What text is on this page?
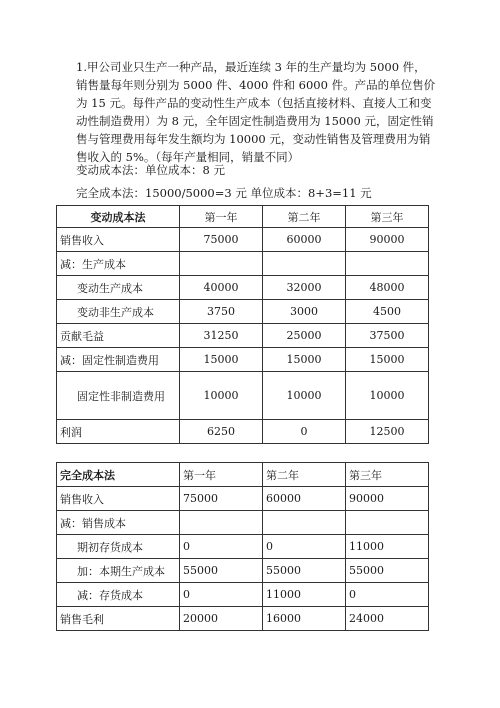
1.甲公司业只生产一种产品，最近连续 3 年的生产量均为 5000 件，销售量每年则分别为 5000 件、4000 件和 6000 件。产品的单位售价为 15 元。每件产品的变动性生产成本（包括直接材料、直接人工和变动性制造费用）为 8 元，全年固定性制造费用为 15000 元，固定性销售与管理费用每年发生额均为 10000 元，变动性销售及管理费用为销售收入的 5%。（每年产量相同，销量不同）
变动成本法：单位成本：8 元
完全成本法：15000/5000=3 元 单位成本：8+3=11 元
变动成本法	第一年	第二年	第三年
销售收入	75000	60000	90000
减：生产成本			
变动生产成本	40000	32000	48000
变动非生产成本	3750	3000	4500
贡献毛益	31250	25000	37500
减：固定性制造费用	15000	15000	15000
固定性非制造费用	10000	10000	10000
利润	6250	0	12500
完全成本法	第一年	第二年	第三年
销售收入	75000	60000	90000
减：销售成本			
期初存货成本	0	0	11000
加：本期生产成本	55000	55000	55000
减：存货成本	0	11000	0
销售毛利	20000	16000	24000
